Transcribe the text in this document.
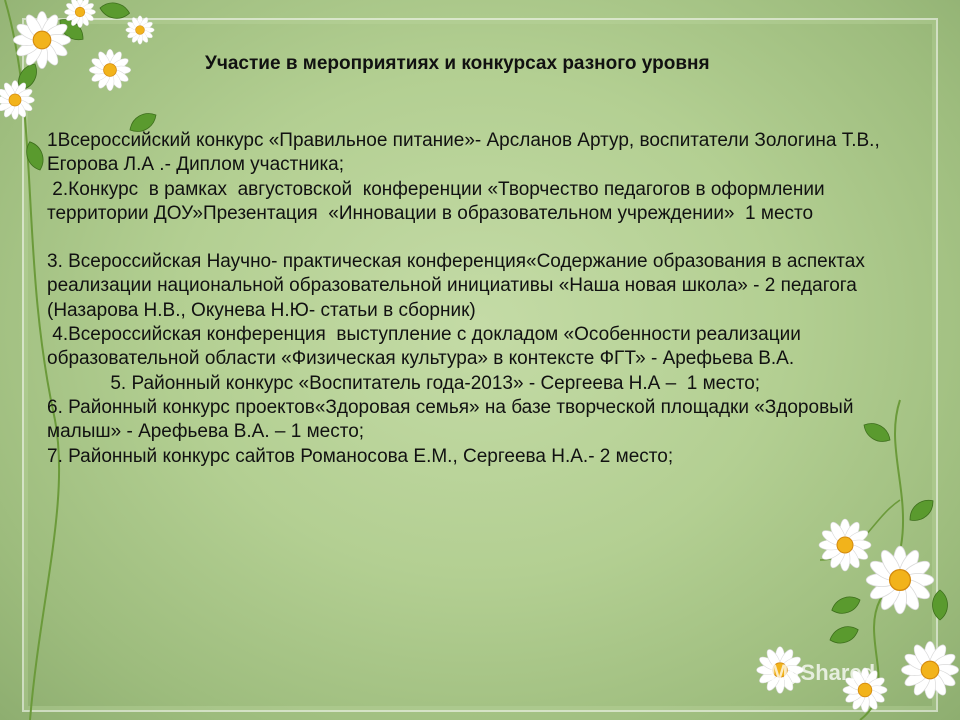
Участие в мероприятиях и конкурсах разного уровня

1Всероссийский конкурс «Правильное питание»- Арсланов Артур, воспитатели Зологина Т.В., Егорова Л.А .- Диплом участника;

2.Конкурс  в рамках  августовской  конференции «Творчество педагогов в оформлении территории ДОУ»Презентация  «Инновации в образовательном учреждении»  1 место

3. Всероссийская Научно- практическая конференция«Содержание образования в аспектах реализации национальной образовательной инициативы «Наша новая школа» - 2 педагога (Назарова Н.В., Окунева Н.Ю- статьи в сборник)

4.Всероссийская конференция  выступление с докладом «Особенности реализации образовательной области «Физическая культура» в контексте ФГТ» - Арефьева В.А.

5. Районный конкурс «Воспитатель года-2013» - Сергеева Н.А –  1 место;

6. Районный конкурс проектов«Здоровая семья» на базе творческой площадки «Здоровый малыш» - Арефьева В.А. – 1 место;

7. Районный конкурс сайтов Романосова Е.М., Сергеева Н.А.- 2 место;

MyShared
